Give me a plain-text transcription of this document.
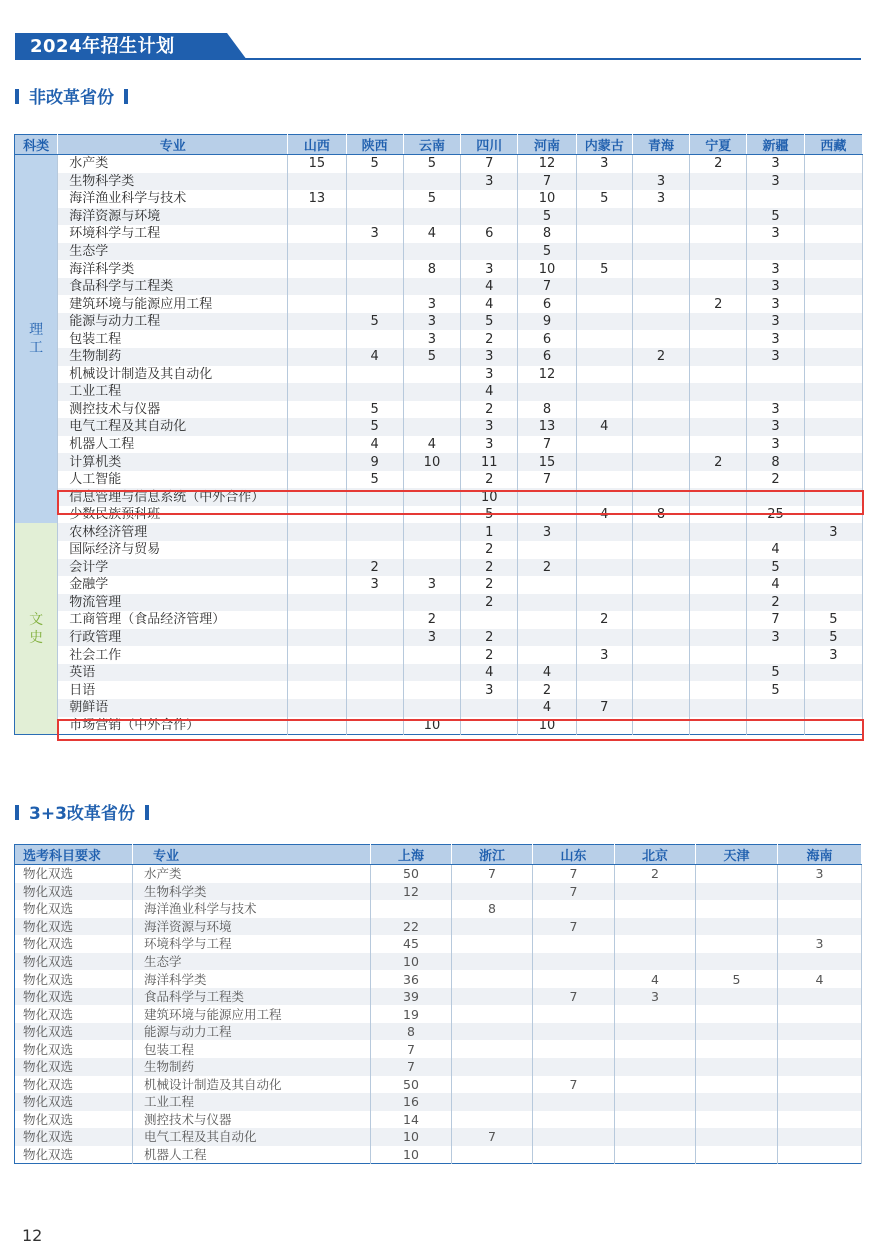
2024年招生计划
非改革省份
科类	专业	山西	陕西	云南	四川	河南	内蒙古	青海	宁夏	新疆	西藏
理
工	水产类	15	5	5	7	12	3		2	3	
	生物科学类				3	7		3		3	
	海洋渔业科学与技术	13		5		10	5	3			
	海洋资源与环境					5				5	
	环境科学与工程		3	4	6	8				3	
	生态学					5					
	海洋科学类			8	3	10	5			3	
	食品科学与工程类				4	7				3	
	建筑环境与能源应用工程			3	4	6			2	3	
	能源与动力工程		5	3	5	9				3	
	包装工程			3	2	6				3	
	生物制药		4	5	3	6		2		3	
	机械设计制造及其自动化				3	12					
	工业工程				4						
	测控技术与仪器		5		2	8				3	
	电气工程及其自动化		5		3	13	4			3	
	机器人工程		4	4	3	7				3	
	计算机类		9	10	11	15			2	8	
	人工智能		5		2	7				2	
	信息管理与信息系统（中外合作）				10						
	少数民族预科班				5		4	8		25	
文
史	农林经济管理				1	3					3
	国际经济与贸易				2					4	
	会计学		2		2	2				5	
	金融学		3	3	2					4	
	物流管理				2					2	
	工商管理（食品经济管理）			2			2			7	5
	行政管理			3	2					3	5
	社会工作				2		3				3
	英语				4	4				5	
	日语				3	2				5	
	朝鲜语					4	7				
	市场营销（中外合作）			10		10					
3+3改革省份
选考科目要求	专业	上海	浙江	山东	北京	天津	海南
物化双选	水产类	50	7	7	2		3
物化双选	生物科学类	12		7			
物化双选	海洋渔业科学与技术		8				
物化双选	海洋资源与环境	22		7			
物化双选	环境科学与工程	45					3
物化双选	生态学	10					
物化双选	海洋科学类	36			4	5	4
物化双选	食品科学与工程类	39		7	3		
物化双选	建筑环境与能源应用工程	19					
物化双选	能源与动力工程	8					
物化双选	包装工程	7					
物化双选	生物制药	7					
物化双选	机械设计制造及其自动化	50		7			
物化双选	工业工程	16					
物化双选	测控技术与仪器	14					
物化双选	电气工程及其自动化	10	7				
物化双选	机器人工程	10					
12
